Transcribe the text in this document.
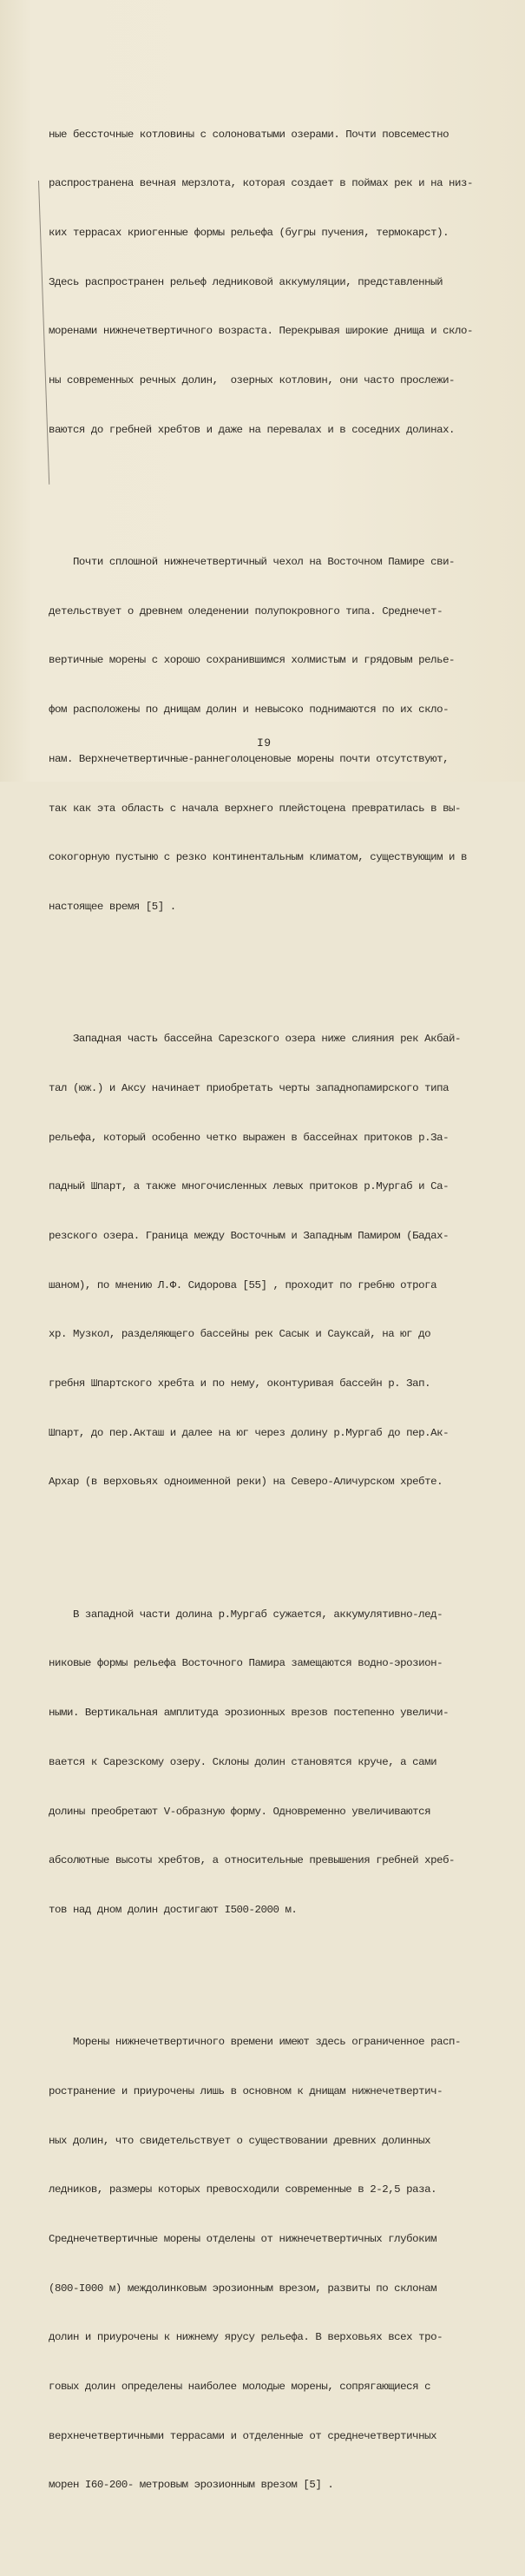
ные бессточные котловины с солоноватыми озерами. Почти повсеместно

распространена вечная мерзлота, которая создает в поймах рек и на низ-

ких террасах криогенные формы рельефа (бугры пучения, термокарст).

Здесь распространен рельеф ледниковой аккумуляции, представленный

моренами нижнечетвертичного возраста. Перекрывая широкие днища и скло-

ны современных речных долин,  озерных котловин, они часто прослежи-

ваются до гребней хребтов и даже на перевалах и в соседних долинах.

Почти сплошной нижнечетвертичный чехол на Восточном Памире сви-

детельствует о древнем оледенении полупокровного типа. Среднечет-

вертичные морены с хорошо сохранившимся холмистым и грядовым релье-

фом расположены по днищам долин и невысоко поднимаются по их скло-

нам. Верхнечетвертичные-раннеголоценовые морены почти отсутствуют,

так как эта область с начала верхнего плейстоцена превратилась в вы-

сокогорную пустыню с резко континентальным климатом, существующим и в

настоящее время [5] .

Западная часть бассейна Сарезского озера ниже слияния рек Акбай-

тал (юж.) и Аксу начинает приобретать черты западнопамирского типа

рельефа, который особенно четко выражен в бассейнах притоков р.За-

падный Шпарт, а также многочисленных левых притоков р.Мургаб и Са-

резского озера. Граница между Восточным и Западным Памиром (Бадах-

шаном), по мнению Л.Ф. Сидорова [55] , проходит по гребню отрога

хр. Музкол, разделяющего бассейны рек Сасык и Сауксай, на юг до

гребня Шпартского хребта и по нему, оконтуривая бассейн р. Зап.

Шпарт, до пер.Акташ и далее на юг через долину р.Мургаб до пер.Ак-

Архар (в верховьях одноименной реки) на Северо-Аличурском хребте.

В западной части долина р.Мургаб сужается, аккумулятивно-лед-

никовые формы рельефа Восточного Памира замещаются водно-эрозион-

ными. Вертикальная амплитуда эрозионных врезов постепенно увеличи-

вается к Сарезскому озеру. Склоны долин становятся круче, а сами

долины преобретают V-образную форму. Одновременно увеличиваются

абсолютные высоты хребтов, а относительные превышения гребней хреб-

тов над дном долин достигают I500-2000 м.

Морены нижнечетвертичного времени имеют здесь ограниченное расп-

ространение и приурочены лишь в основном к днищам нижнечетвертич-

ных долин, что свидетельствует о существовании древних долинных

ледников, размеры которых превосходили современные в 2-2,5 раза.

Среднечетвертичные морены отделены от нижнечетвертичных глубоким

(800-I000 м) междолинковым эрозионным врезом, развиты по склонам

долин и приурочены к нижнему ярусу рельефа. В верховьях всех тро-

говых долин определены наиболее молодые морены, сопрягающиеся с

верхнечетвертичными террасами и отделенные от среднечетвертичных

морен I60-200- метровым эрозионным врезом [5] .

I9
